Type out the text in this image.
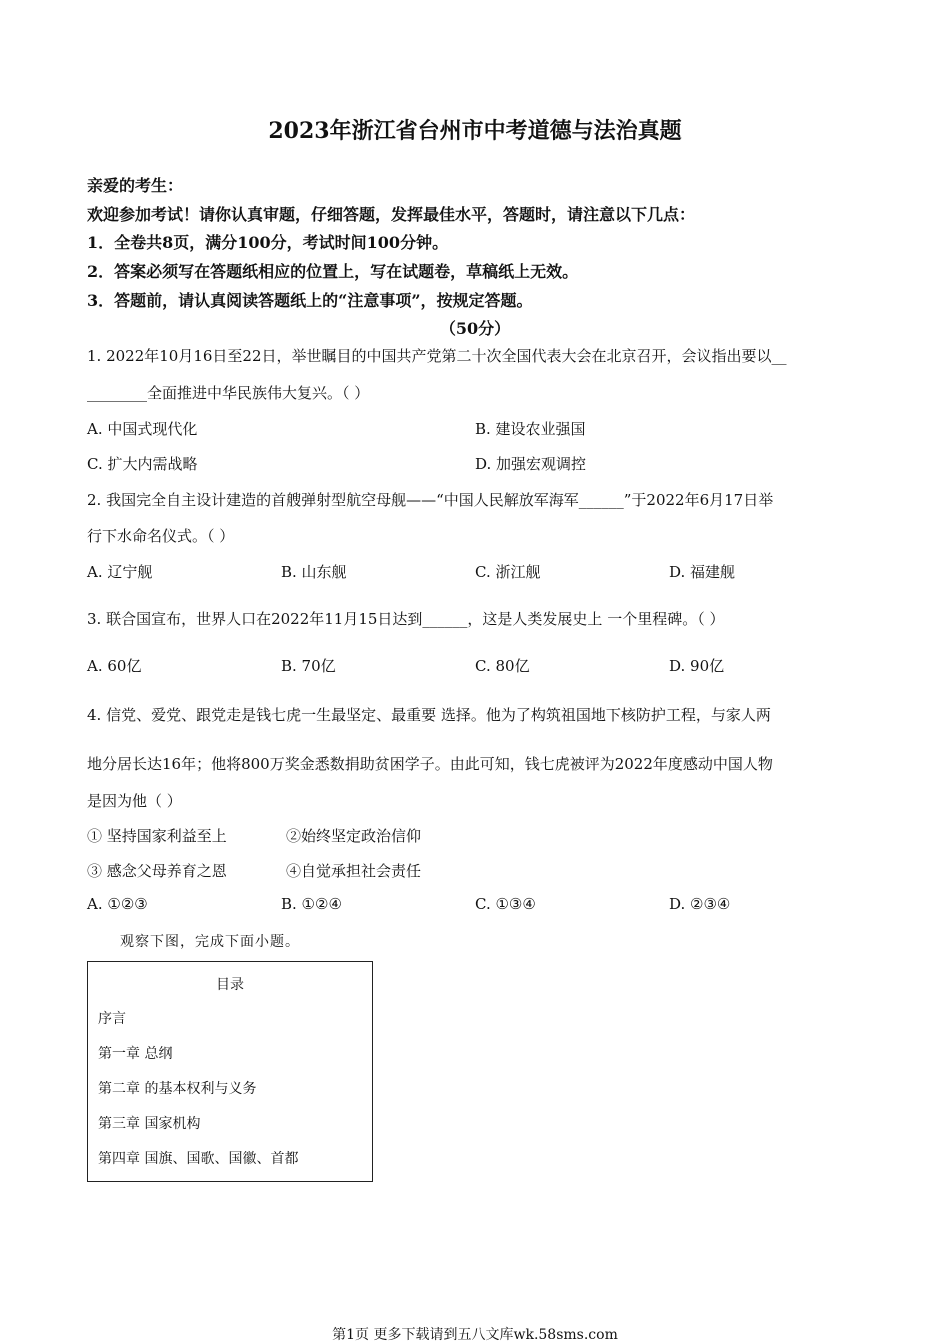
2023年浙江省台州市中考道德与法治真题
亲爱的考生：
欢迎参加考试！请你认真审题，仔细答题，发挥最佳水平，答题时，请注意以下几点：
1．全卷共8页，满分100分，考试时间100分钟。
2．答案必须写在答题纸相应的位置上，写在试题卷，草稿纸上无效。
3．答题前，请认真阅读答题纸上的“注意事项”，按规定答题。
（50分）
1. 2022年10月16日至22日，举世瞩目的中国共产党第二十次全国代表大会在北京召开，会议指出要以__
________全面推进中华民族伟大复兴。（ ）
A. 中国式现代化	B. 建设农业强国
C. 扩大内需战略	D. 加强宏观调控
2. 我国完全自主设计建造的首艘弹射型航空母舰——“中国人民解放军海军______”于2022年6月17日举
行下水命名仪式。（ ）
A. 辽宁舰	B. 山东舰	C. 浙江舰	D. 福建舰
3. 联合国宣布，世界人口在2022年11月15日达到______，这是人类发展史上 一个里程碑。（ ）
A. 60亿	B. 70亿	C. 80亿	D. 90亿
4. 信党、爱党、跟党走是钱七虎一生最坚定、最重要 选择。他为了构筑祖国地下核防护工程，与家人两
地分居长达16年；他将800万奖金悉数捐助贫困学子。由此可知，钱七虎被评为2022年度感动中国人物
是因为他（ ）
① 坚持国家利益至上	②始终坚定政治信仰
③ 感念父母养育之恩	④自觉承担社会责任
A. ①②③	B. ①②④	C. ①③④	D. ②③④
观察下图，完成下面小题。
目录
序言
第一章 总纲
第二章 的基本权利与义务
第三章 国家机构
第四章 国旗、国歌、国徽、首都
第1页 更多下载请到五八文库wk.58sms.com
